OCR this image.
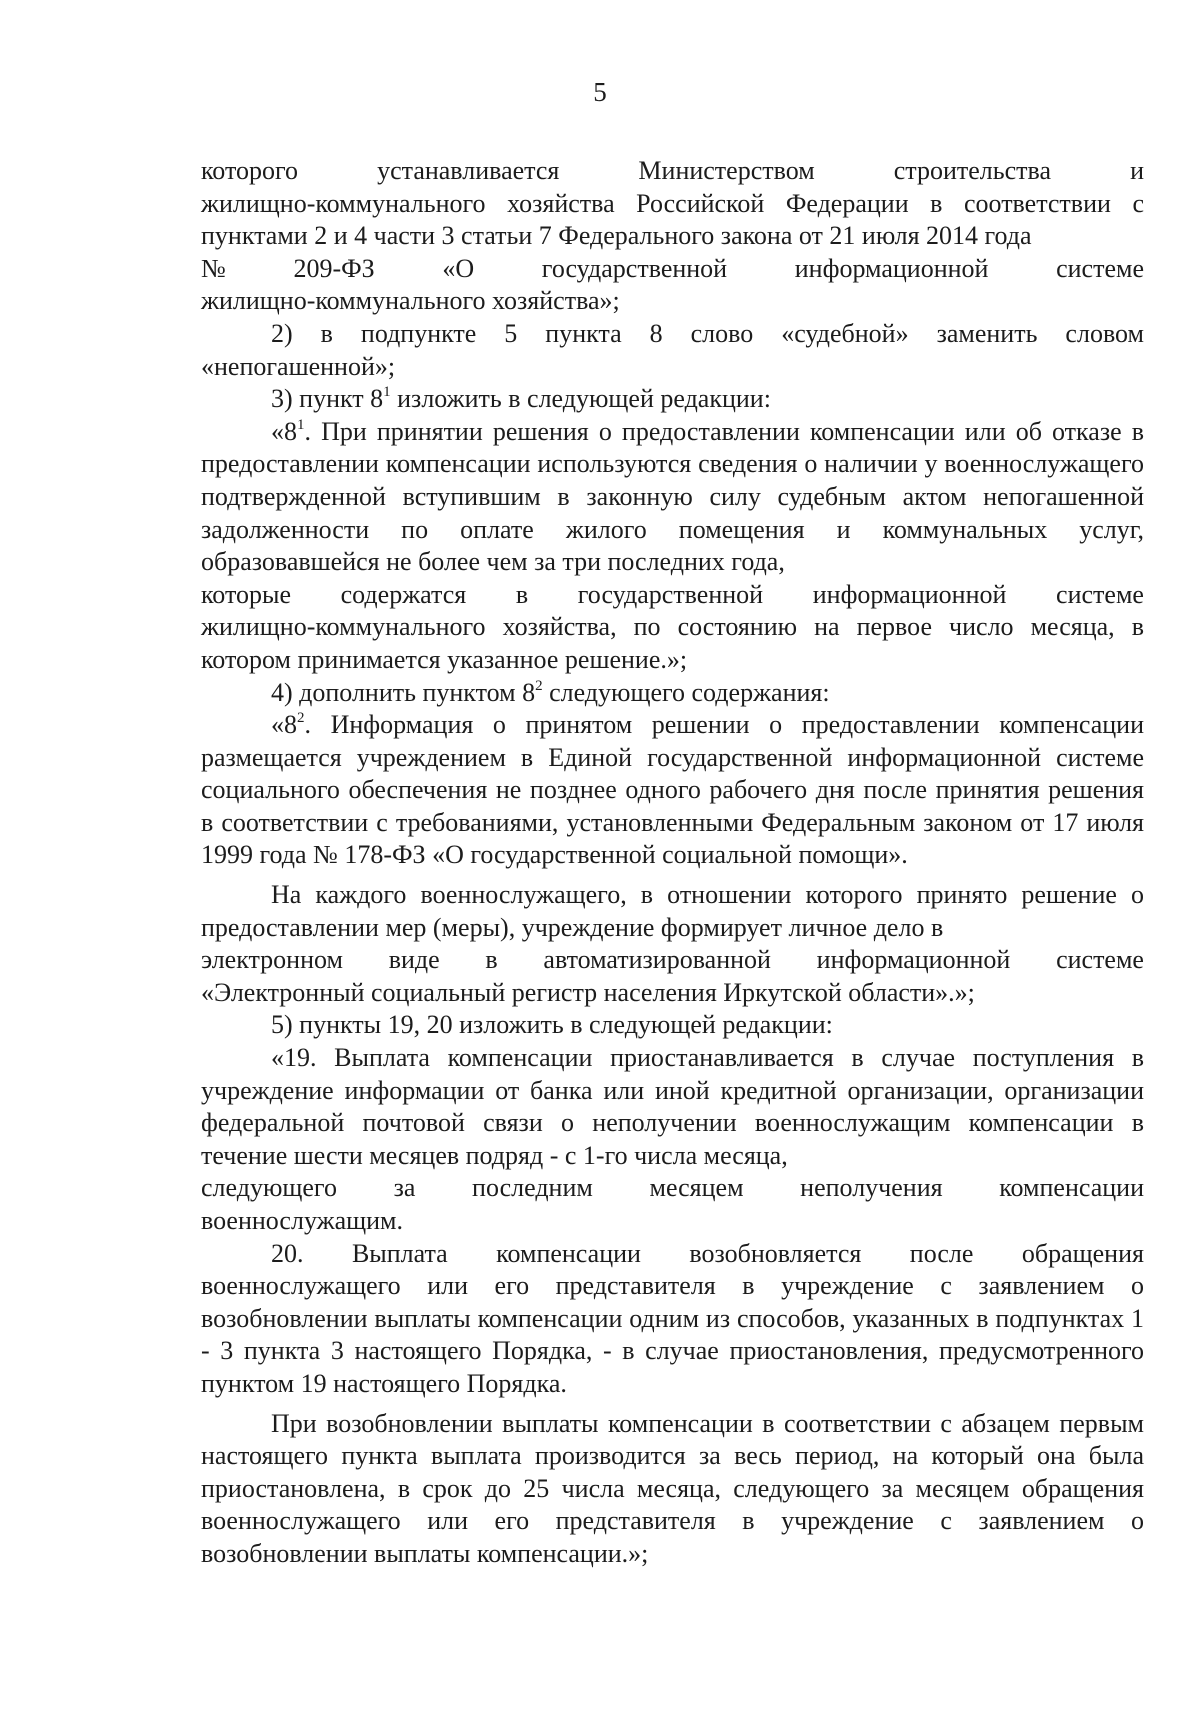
5
которого	устанавливается	Министерством	строительства	и

жилищно-коммунального хозяйства Российской Федерации в соответствии с пунктами 2 и 4 части 3 статьи 7 Федерального закона от 21 июля 2014 года

№	209-ФЗ	«О	государственной	информационной	системе

жилищно-коммунального хозяйства»;

2) в подпункте 5 пункта 8 слово «судебной» заменить словом «непогашенной»;

3) пункт $8^1$ изложить в следующей редакции:

«$8^1$. При принятии решения о предоставлении компенсации или об отказе в предоставлении компенсации используются сведения о наличии у военнослужащего подтвержденной вступившим в законную силу судебным актом непогашенной задолженности по оплате жилого помещения и коммунальных услуг, образовавшейся не более чем за три последних года,

которые содержатся в государственной информационной системе

жилищно-коммунального хозяйства, по состоянию на первое число месяца, в котором принимается указанное решение.»;

4) дополнить пунктом $8^2$ следующего содержания:

«$8^2$. Информация о принятом решении о предоставлении компенсации размещается учреждением в Единой государственной информационной системе социального обеспечения не позднее одного рабочего дня после принятия решения в соответствии с требованиями, установленными Федеральным законом от 17 июля 1999 года № 178-ФЗ «О государственной социальной помощи».

На каждого военнослужащего, в отношении которого принято решение о предоставлении мер (меры), учреждение формирует личное дело в

электронном виде в автоматизированной информационной системе

«Электронный социальный регистр населения Иркутской области».»;

5) пункты 19, 20 изложить в следующей редакции:

«19. Выплата компенсации приостанавливается в случае поступления в учреждение информации от банка или иной кредитной организации, организации федеральной почтовой связи о неполучении военнослужащим компенсации в течение шести месяцев подряд - с 1-го числа месяца,

следующего за последним месяцем неполучения компенсации

военнослужащим.

20. Выплата компенсации возобновляется после обращения

военнослужащего или его представителя в учреждение с заявлением о возобновлении выплаты компенсации одним из способов, указанных в подпунктах 1 - 3 пункта 3 настоящего Порядка, - в случае приостановления, предусмотренного пунктом 19 настоящего Порядка.

При возобновлении выплаты компенсации в соответствии с абзацем первым настоящего пункта выплата производится за весь период, на который она была приостановлена, в срок до 25 числа месяца, следующего за месяцем обращения военнослужащего или его представителя в учреждение с заявлением о возобновлении выплаты компенсации.»;
